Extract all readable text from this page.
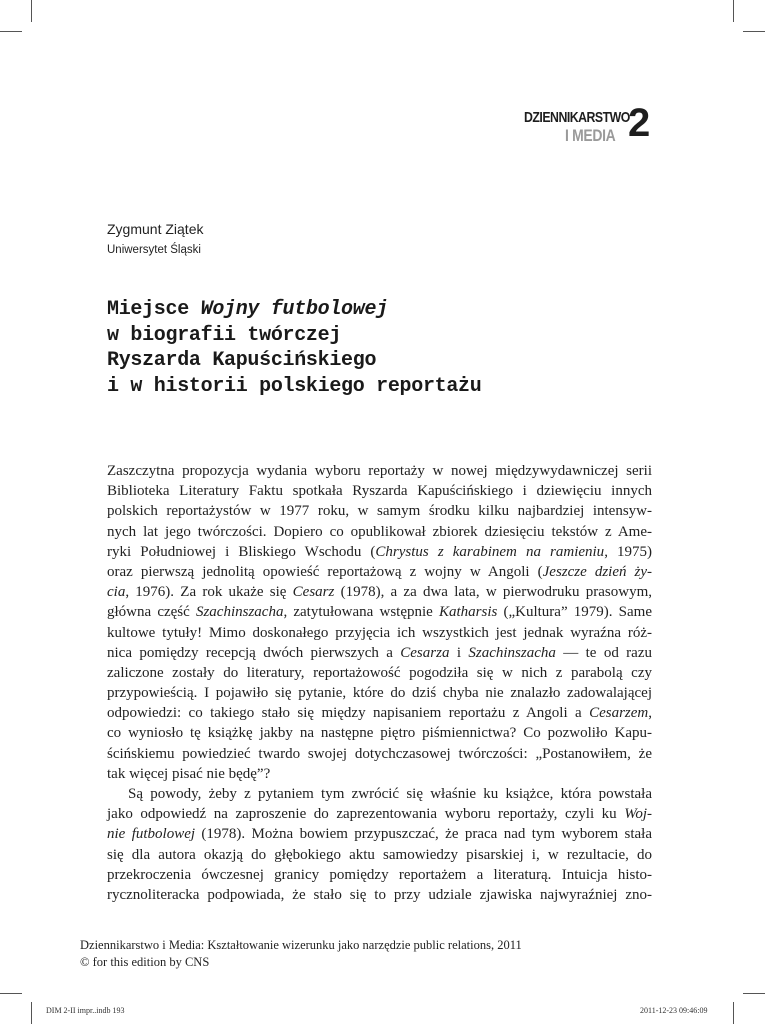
DZIENNIKARSTWO
I MEDIA 2
Zygmunt Ziątek
Uniwersytet Śląski
Miejsce Wojny futbolowej
w biografii twórczej
Ryszarda Kapuścińskiego
i w historii polskiego reportażu
Zaszczytna propozycja wydania wyboru reportaży w nowej międzywydawniczej serii
Biblioteka Literatury Faktu spotkała Ryszarda Kapuścińskiego i dziewięciu innych
polskich reportażystów w 1977 roku, w samym środku kilku najbardziej intensyw-
nych lat jego twórczości. Dopiero co opublikował zbiorek dziesięciu tekstów z Ame-
ryki Południowej i Bliskiego Wschodu (Chrystus z karabinem na ramieniu, 1975)
oraz pierwszą jednolitą opowieść reportażową z wojny w Angoli (Jeszcze dzień ży-
cia, 1976). Za rok ukaże się Cesarz (1978), a za dwa lata, w pierwodruku prasowym,
główna część Szachinszacha, zatytułowana wstępnie Katharsis („Kultura” 1979). Same
kultowe tytuły! Mimo doskonałego przyjęcia ich wszystkich jest jednak wyraźna róż-
nica pomiędzy recepcją dwóch pierwszych a Cesarza i Szachinszacha — te od razu
zaliczone zostały do literatury, reportażowość pogodziła się w nich z parabolą czy
przypowieścią. I pojawiło się pytanie, które do dziś chyba nie znalazło zadowalającej
odpowiedzi: co takiego stało się między napisaniem reportażu z Angoli a Cesarzem,
co wyniosło tę książkę jakby na następne piętro piśmiennictwa? Co pozwoliło Kapu-
ścińskiemu powiedzieć twardo swojej dotychczasowej twórczości: „Postanowiłem, że
tak więcej pisać nie będę”?
Są powody, żeby z pytaniem tym zwrócić się właśnie ku książce, która powstała
jako odpowiedź na zaproszenie do zaprezentowania wyboru reportaży, czyli ku Woj-
nie futbolowej (1978). Można bowiem przypuszczać, że praca nad tym wyborem stała
się dla autora okazją do głębokiego aktu samowiedzy pisarskiej i, w rezultacie, do
przekroczenia ówczesnej granicy pomiędzy reportażem a literaturą. Intuicja histo-
rycznoliteracka podpowiada, że stało się to przy udziale zjawiska najwyraźniej zno-
Dziennikarstwo i Media: Kształtowanie wizerunku jako narzędzie public relations, 2011
© for this edition by CNS
DIM 2-II impr..indb 193	2011-12-23 09:46:09
